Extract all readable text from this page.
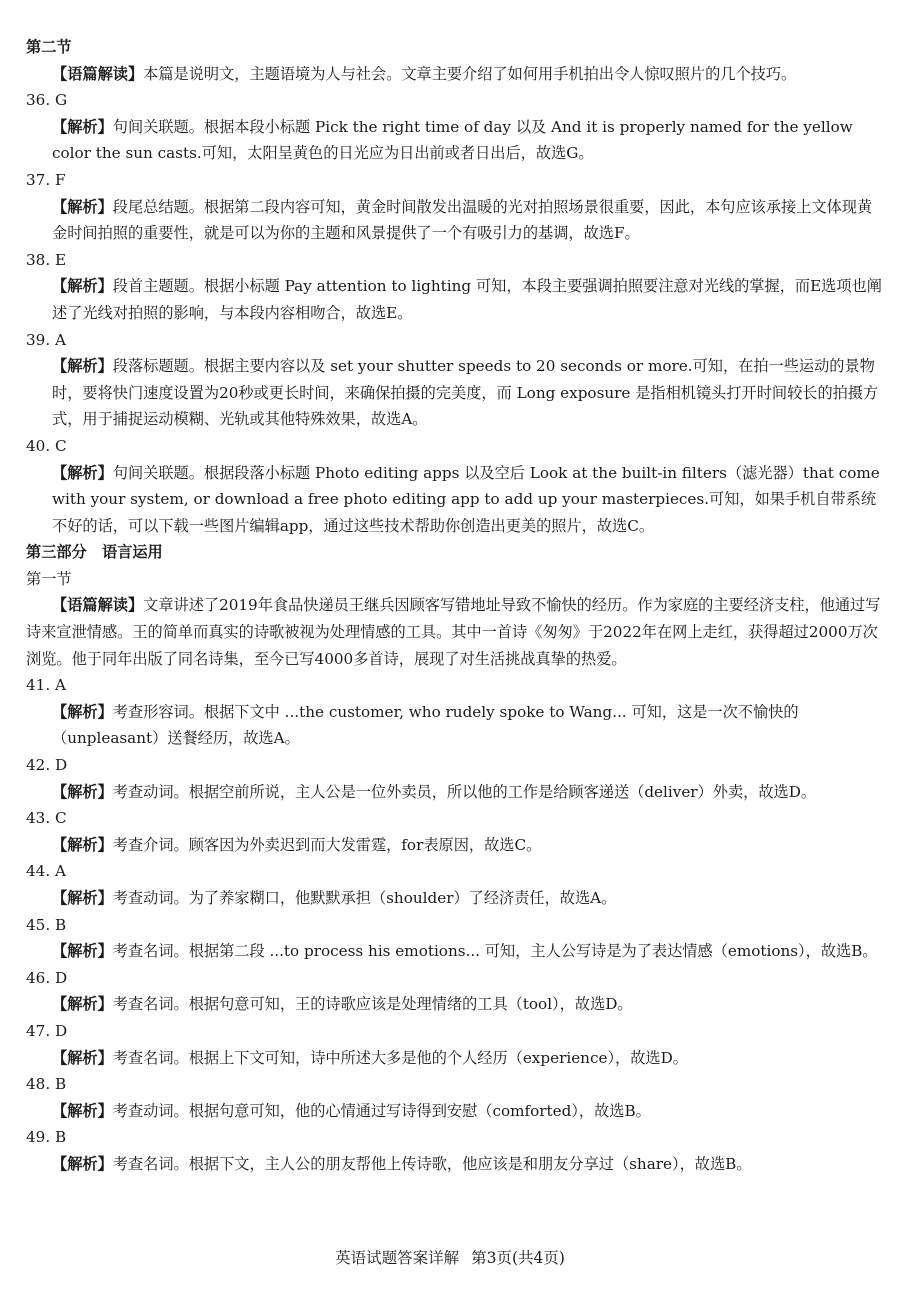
第二节

【语篇解读】本篇是说明文，主题语境为人与社会。文章主要介绍了如何用手机拍出令人惊叹照片的几个技巧。

36. G

【解析】句间关联题。根据本段小标题 Pick the right time of day 以及 And it is properly named for the yellow color the sun casts.可知，太阳呈黄色的日光应为日出前或者日出后，故选G。

37. F

【解析】段尾总结题。根据第二段内容可知，黄金时间散发出温暖的光对拍照场景很重要，因此，本句应该承接上文体现黄金时间拍照的重要性，就是可以为你的主题和风景提供了一个有吸引力的基调，故选F。

38. E

【解析】段首主题题。根据小标题 Pay attention to lighting 可知，本段主要强调拍照要注意对光线的掌握，而E选项也阐述了光线对拍照的影响，与本段内容相吻合，故选E。

39. A

【解析】段落标题题。根据主要内容以及 set your shutter speeds to 20 seconds or more.可知，在拍一些运动的景物时，要将快门速度设置为20秒或更长时间，来确保拍摄的完美度，而 Long exposure 是指相机镜头打开时间较长的拍摄方式，用于捕捉运动模糊、光轨或其他特殊效果，故选A。

40. C

【解析】句间关联题。根据段落小标题 Photo editing apps 以及空后 Look at the built-in filters（滤光器）that come with your system, or download a free photo editing app to add up your masterpieces.可知，如果手机自带系统不好的话，可以下载一些图片编辑app，通过这些技术帮助你创造出更美的照片，故选C。

第三部分　语言运用

第一节

【语篇解读】文章讲述了2019年食品快递员王继兵因顾客写错地址导致不愉快的经历。作为家庭的主要经济支柱，他通过写诗来宣泄情感。王的简单而真实的诗歌被视为处理情感的工具。其中一首诗《匆匆》于2022年在网上走红，获得超过2000万次浏览。他于同年出版了同名诗集，至今已写4000多首诗，展现了对生活挑战真挚的热爱。

41. A

【解析】考查形容词。根据下文中 ...the customer, who rudely spoke to Wang... 可知，这是一次不愉快的（unpleasant）送餐经历，故选A。

42. D

【解析】考查动词。根据空前所说，主人公是一位外卖员，所以他的工作是给顾客递送（deliver）外卖，故选D。

43. C

【解析】考查介词。顾客因为外卖迟到而大发雷霆，for表原因，故选C。

44. A

【解析】考查动词。为了养家糊口，他默默承担（shoulder）了经济责任，故选A。

45. B

【解析】考查名词。根据第二段 ...to process his emotions... 可知，主人公写诗是为了表达情感（emotions），故选B。

46. D

【解析】考查名词。根据句意可知，王的诗歌应该是处理情绪的工具（tool），故选D。

47. D

【解析】考查名词。根据上下文可知，诗中所述大多是他的个人经历（experience），故选D。

48. B

【解析】考查动词。根据句意可知，他的心情通过写诗得到安慰（comforted），故选B。

49. B

【解析】考查名词。根据下文，主人公的朋友帮他上传诗歌，他应该是和朋友分享过（share），故选B。

英语试题答案详解 第3页(共4页)
